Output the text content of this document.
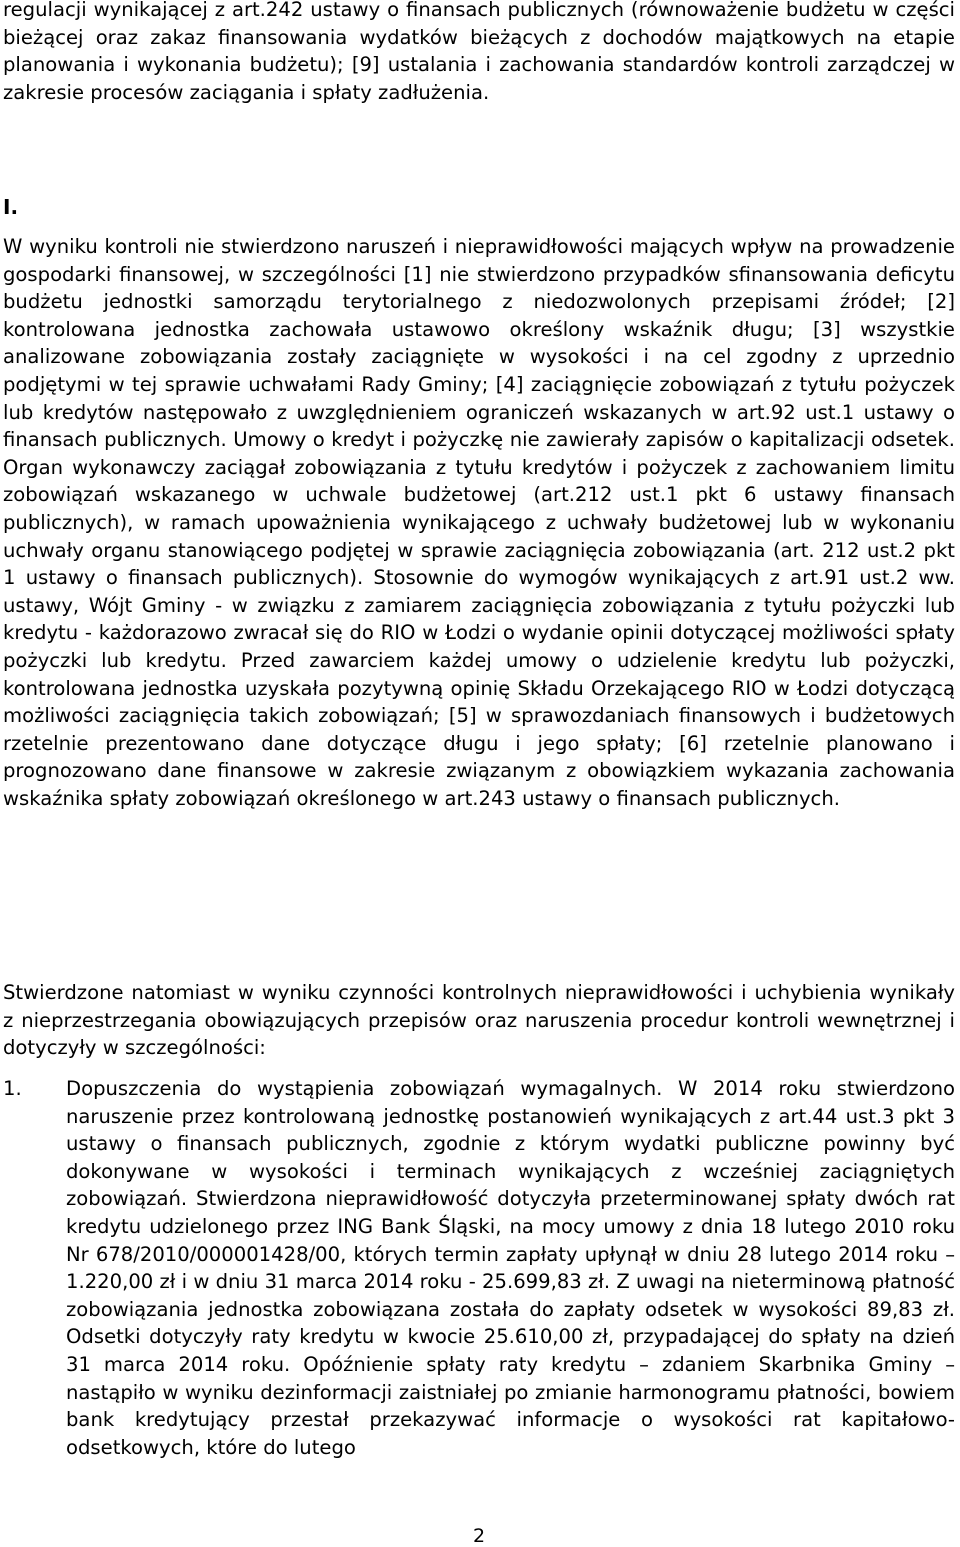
regulacji wynikającej z art.242 ustawy o finansach publicznych (równoważenie budżetu w części bieżącej oraz zakaz finansowania wydatków bieżących z dochodów majątkowych na etapie planowania i wykonania budżetu); [9] ustalania i zachowania standardów kontroli zarządczej w zakresie procesów zaciągania i spłaty zadłużenia.

I.

W wyniku kontroli nie stwierdzono naruszeń i nieprawidłowości mających wpływ na prowadzenie gospodarki finansowej, w szczególności [1] nie stwierdzono przypadków sfinansowania deficytu budżetu jednostki samorządu terytorialnego z niedozwolonych przepisami źródeł; [2] kontrolowana jednostka zachowała ustawowo określony wskaźnik długu; [3] wszystkie analizowane zobowiązania zostały zaciągnięte w wysokości i na cel zgodny z uprzednio podjętymi w tej sprawie uchwałami Rady Gminy; [4] zaciągnięcie zobowiązań z tytułu pożyczek lub kredytów następowało z uwzględnieniem ograniczeń wskazanych w art.92 ust.1 ustawy o finansach publicznych. Umowy o kredyt i pożyczkę nie zawierały zapisów o kapitalizacji odsetek. Organ wykonawczy zaciągał zobowiązania z tytułu kredytów i pożyczek z zachowaniem limitu zobowiązań wskazanego w uchwale budżetowej (art.212 ust.1 pkt 6 ustawy finansach publicznych), w ramach upoważnienia wynikającego z uchwały budżetowej lub w wykonaniu uchwały organu stanowiącego podjętej w sprawie zaciągnięcia zobowiązania (art. 212 ust.2 pkt 1 ustawy o finansach publicznych). Stosownie do wymogów wynikających z art.91 ust.2 ww. ustawy, Wójt Gminy - w związku z zamiarem zaciągnięcia zobowiązania z tytułu pożyczki lub kredytu - każdorazowo zwracał się do RIO w Łodzi o wydanie opinii dotyczącej możliwości spłaty pożyczki lub kredytu. Przed zawarciem każdej umowy o udzielenie kredytu lub pożyczki, kontrolowana jednostka uzyskała pozytywną opinię Składu Orzekającego RIO w Łodzi dotyczącą możliwości zaciągnięcia takich zobowiązań; [5] w sprawozdaniach finansowych i budżetowych rzetelnie prezentowano dane dotyczące długu i jego spłaty; [6] rzetelnie planowano i prognozowano dane finansowe w zakresie związanym z obowiązkiem wykazania zachowania wskaźnika spłaty zobowiązań określonego w art.243 ustawy o finansach publicznych.

Stwierdzone natomiast w wyniku czynności kontrolnych nieprawidłowości i uchybienia wynikały z nieprzestrzegania obowiązujących przepisów oraz naruszenia procedur kontroli wewnętrznej i dotyczyły w szczególności:

1. Dopuszczenia do wystąpienia zobowiązań wymagalnych. W 2014 roku stwierdzono naruszenie przez kontrolowaną jednostkę postanowień wynikających z art.44 ust.3 pkt 3 ustawy o finansach publicznych, zgodnie z którym wydatki publiczne powinny być dokonywane w wysokości i terminach wynikających z wcześniej zaciągniętych zobowiązań. Stwierdzona nieprawidłowość dotyczyła przeterminowanej spłaty dwóch rat kredytu udzielonego przez ING Bank Śląski, na mocy umowy z dnia 18 lutego 2010 roku Nr 678/2010/000001428/00, których termin zapłaty upłynął w dniu 28 lutego 2014 roku – 1.220,00 zł i w dniu 31 marca 2014 roku - 25.699,83 zł. Z uwagi na nieterminową płatność zobowiązania jednostka zobowiązana została do zapłaty odsetek w wysokości 89,83 zł. Odsetki dotyczyły raty kredytu w kwocie 25.610,00 zł, przypadającej do spłaty na dzień 31 marca 2014 roku. Opóźnienie spłaty raty kredytu – zdaniem Skarbnika Gminy – nastąpiło w wyniku dezinformacji zaistniałej po zmianie harmonogramu płatności, bowiem bank kredytujący przestał przekazywać informacje o wysokości rat kapitałowo-odsetkowych, które do lutego

2
